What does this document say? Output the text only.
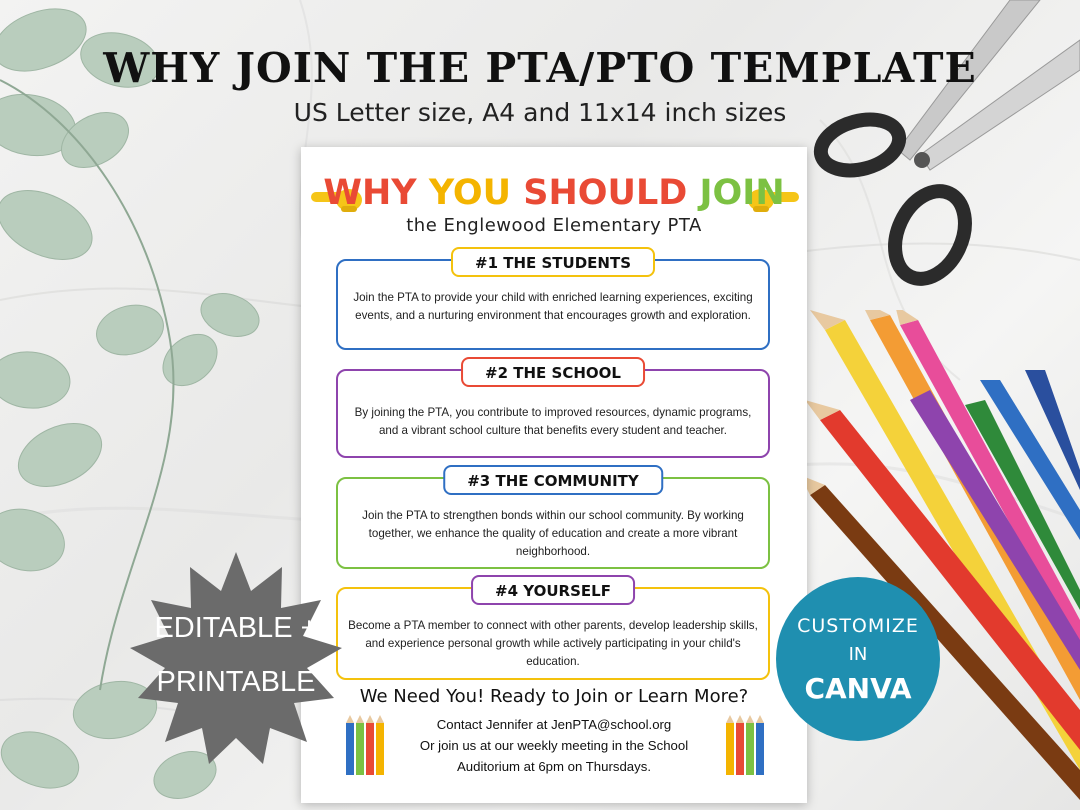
WHY JOIN THE PTA/PTO TEMPLATE
US Letter size, A4 and 11x14 inch sizes
WHY YOU SHOULD JOIN
the Englewood Elementary PTA
#1 THE STUDENTS
Join the PTA to provide your child with enriched learning experiences, exciting events, and a nurturing environment that encourages growth and exploration.
#2 THE SCHOOL
By joining the PTA, you contribute to improved resources, dynamic programs, and a vibrant school culture that benefits every student and teacher.
#3 THE COMMUNITY
Join the PTA to strengthen bonds within our school community. By working together, we enhance the quality of education and create a more vibrant neighborhood.
#4 YOURSELF
Become a PTA member to connect with other parents, develop leadership skills, and experience personal growth while actively participating in your child's education.
We Need You! Ready to Join or Learn More?
Contact Jennifer at JenPTA@school.org
Or join us at our weekly meeting in the School
Auditorium at 6pm on Thursdays.
EDITABLE +
PRINTABLE
CUSTOMIZE
IN
CANVA
